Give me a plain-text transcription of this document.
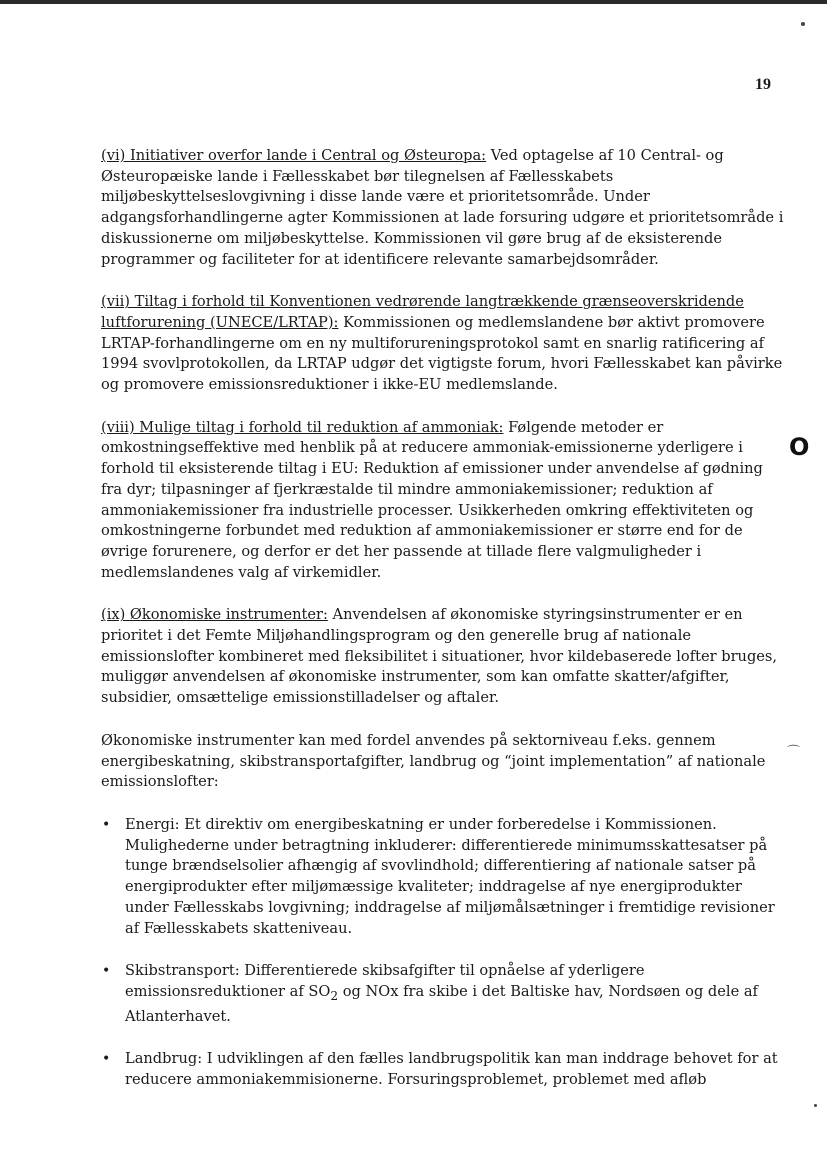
19
O
⌒

(vi) Initiativer overfor lande i Central og Østeuropa: Ved optagelse af 10 Central- og Østeuropæiske lande i Fællesskabet bør tilegnelsen af Fællesskabets miljøbeskyttelseslovgivning i disse lande være et prioritetsområde. Under adgangsforhandlingerne agter Kommissionen at lade forsuring udgøre et prioritetsområde i diskussionerne om miljøbeskyttelse. Kommissionen vil gøre brug af de eksisterende programmer og faciliteter for at identificere relevante samarbejdsområder.

(vii) Tiltag i forhold til Konventionen vedrørende langtrækkende grænseoverskridende luftforurening (UNECE/LRTAP): Kommissionen og medlemslandene bør aktivt promovere LRTAP-forhandlingerne om en ny multiforureningsprotokol samt en snarlig ratificering af 1994 svovlprotokollen, da LRTAP udgør det vigtigste forum, hvori Fællesskabet kan påvirke og promovere emissionsreduktioner i ikke-EU medlemslande.

(viii) Mulige tiltag i forhold til reduktion af ammoniak: Følgende metoder er omkostningseffektive med henblik på at reducere ammoniak-emissionerne yderligere i forhold til eksisterende tiltag i EU: Reduktion af emissioner under anvendelse af gødning fra dyr; tilpasninger af fjerkræstalde til mindre ammoniakemissioner; reduktion af ammoniakemissioner fra industrielle processer. Usikkerheden omkring effektiviteten og omkostningerne forbundet med reduktion af ammoniakemissioner er større end for de øvrige forurenere, og derfor er det her passende at tillade flere valgmuligheder i medlemslandenes valg af virkemidler.

(ix) Økonomiske instrumenter: Anvendelsen af økonomiske styringsinstrumenter er en prioritet i det Femte Miljøhandlingsprogram og den generelle brug af nationale emissionslofter kombineret med fleksibilitet i situationer, hvor kildebaserede lofter bruges, muliggør anvendelsen af økonomiske instrumenter, som kan omfatte skatter/afgifter, subsidier, omsættelige emissionstilladelser og aftaler.

Økonomiske instrumenter kan med fordel anvendes på sektorniveau f.eks. gennem energibeskatning, skibstransportafgifter, landbrug og “joint implementation” af nationale emissionslofter:

• Energi: Et direktiv om energibeskatning er under forberedelse i Kommissionen. Mulighederne under betragtning inkluderer: differentierede minimumsskattesatser på tunge brændselsolier afhængig af svovlindhold; differentiering af nationale satser på energiprodukter efter miljømæssige kvaliteter; inddragelse af nye energiprodukter under Fællesskabs lovgivning; inddragelse af miljømålsætninger i fremtidige revisioner af Fællesskabets skatteniveau.
• Skibstransport: Differentierede skibsafgifter til opnåelse af yderligere emissionsreduktioner af $SO_2$ og NOx fra skibe i det Baltiske hav, Nordsøen og dele af Atlanterhavet.
• Landbrug: I udviklingen af den fælles landbrugspolitik kan man inddrage behovet for at reducere ammoniakemmisionerne. Forsuringsproblemet, problemet med afløb
